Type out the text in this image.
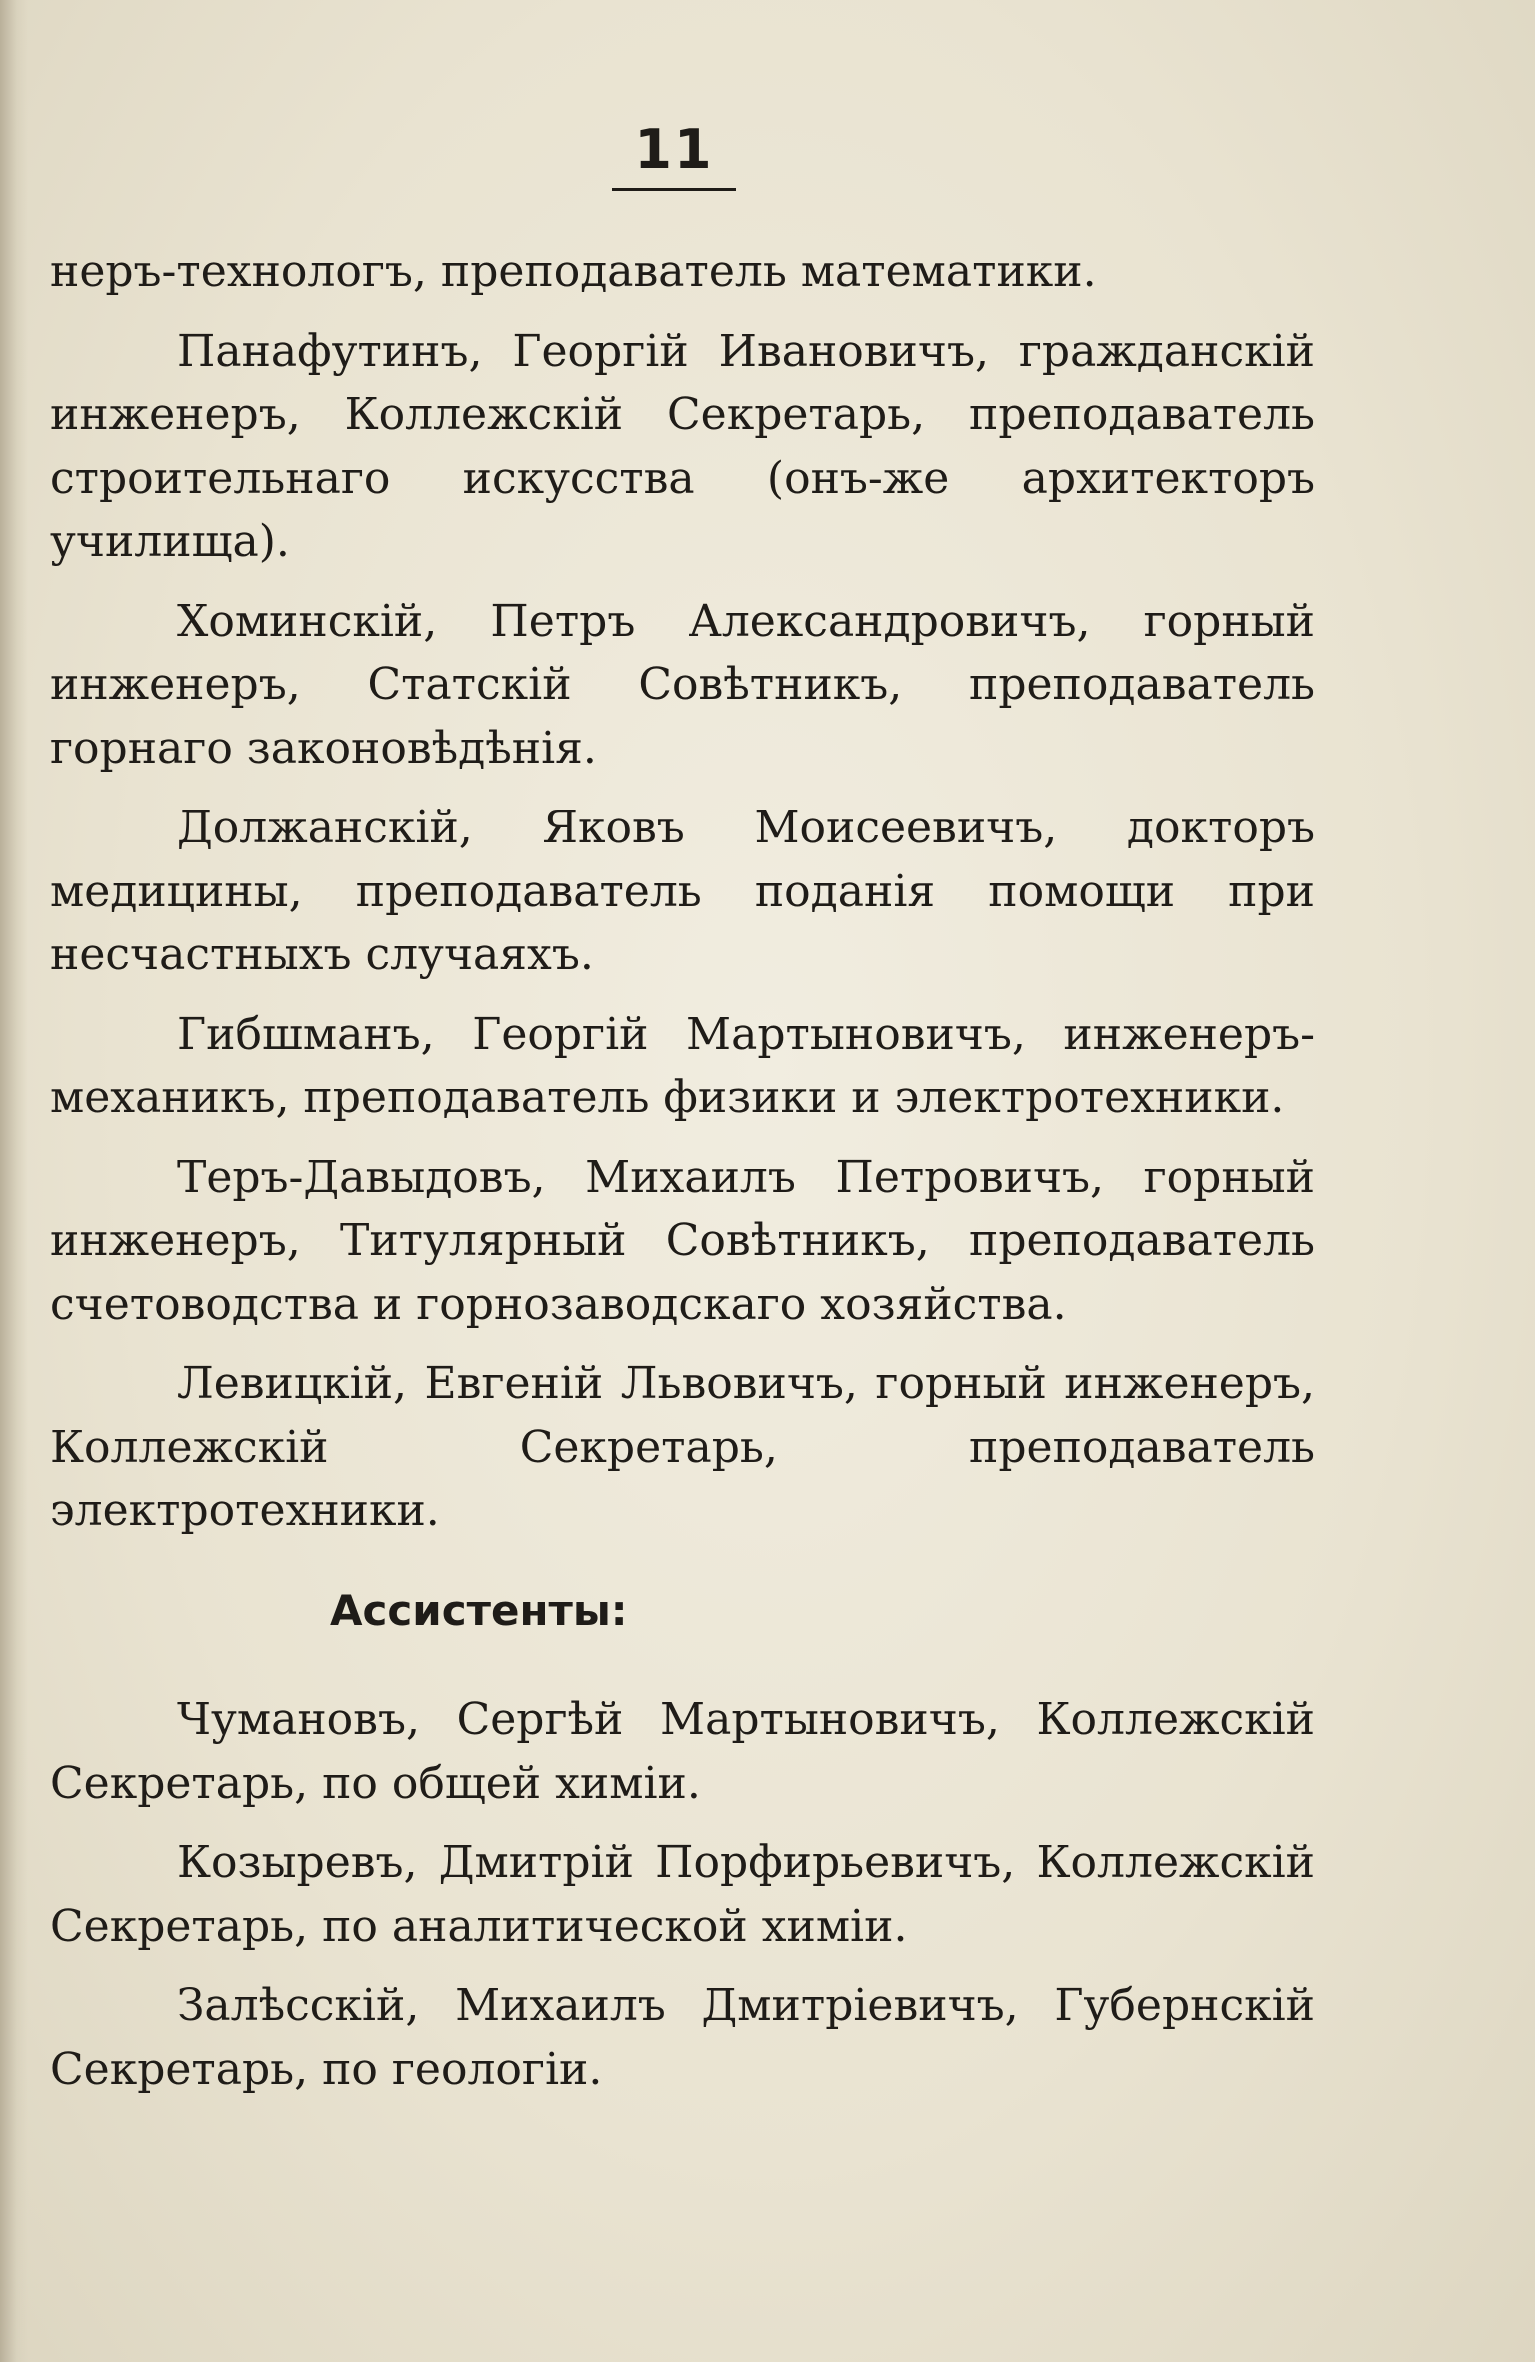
11

неръ-технологъ, преподаватель математики.

Панафутинъ, Георгій Ивановичъ, гражданскій инженеръ, Коллежскій Секретарь, преподаватель строительнаго искусства (онъ-же архитекторъ училища).

Хоминскій, Петръ Александровичъ, горный инженеръ, Статскій Совѣтникъ, преподаватель горнаго законовѣдѣнія.

Должанскій, Яковъ Моисеевичъ, докторъ медицины, преподаватель поданія помощи при несчастныхъ случаяхъ.

Гибшманъ, Георгій Мартыновичъ, инженеръ-механикъ, преподаватель физики и электротехники.

Теръ-Давыдовъ, Михаилъ Петровичъ, горный инженеръ, Титулярный Совѣтникъ, преподаватель счетоводства и горнозаводскаго хозяйства.

Левицкій, Евгеній Львовичъ, горный инженеръ, Коллежскій Секретарь, преподаватель электротехники.

Ассистенты:

Чумановъ, Сергѣй Мартыновичъ, Коллежскій Секретарь, по общей химіи.

Козыревъ, Дмитрій Порфирьевичъ, Коллежскій Секретарь, по аналитической химіи.

Залѣсскій, Михаилъ Дмитріевичъ, Губернскій Секретарь, по геологіи.
